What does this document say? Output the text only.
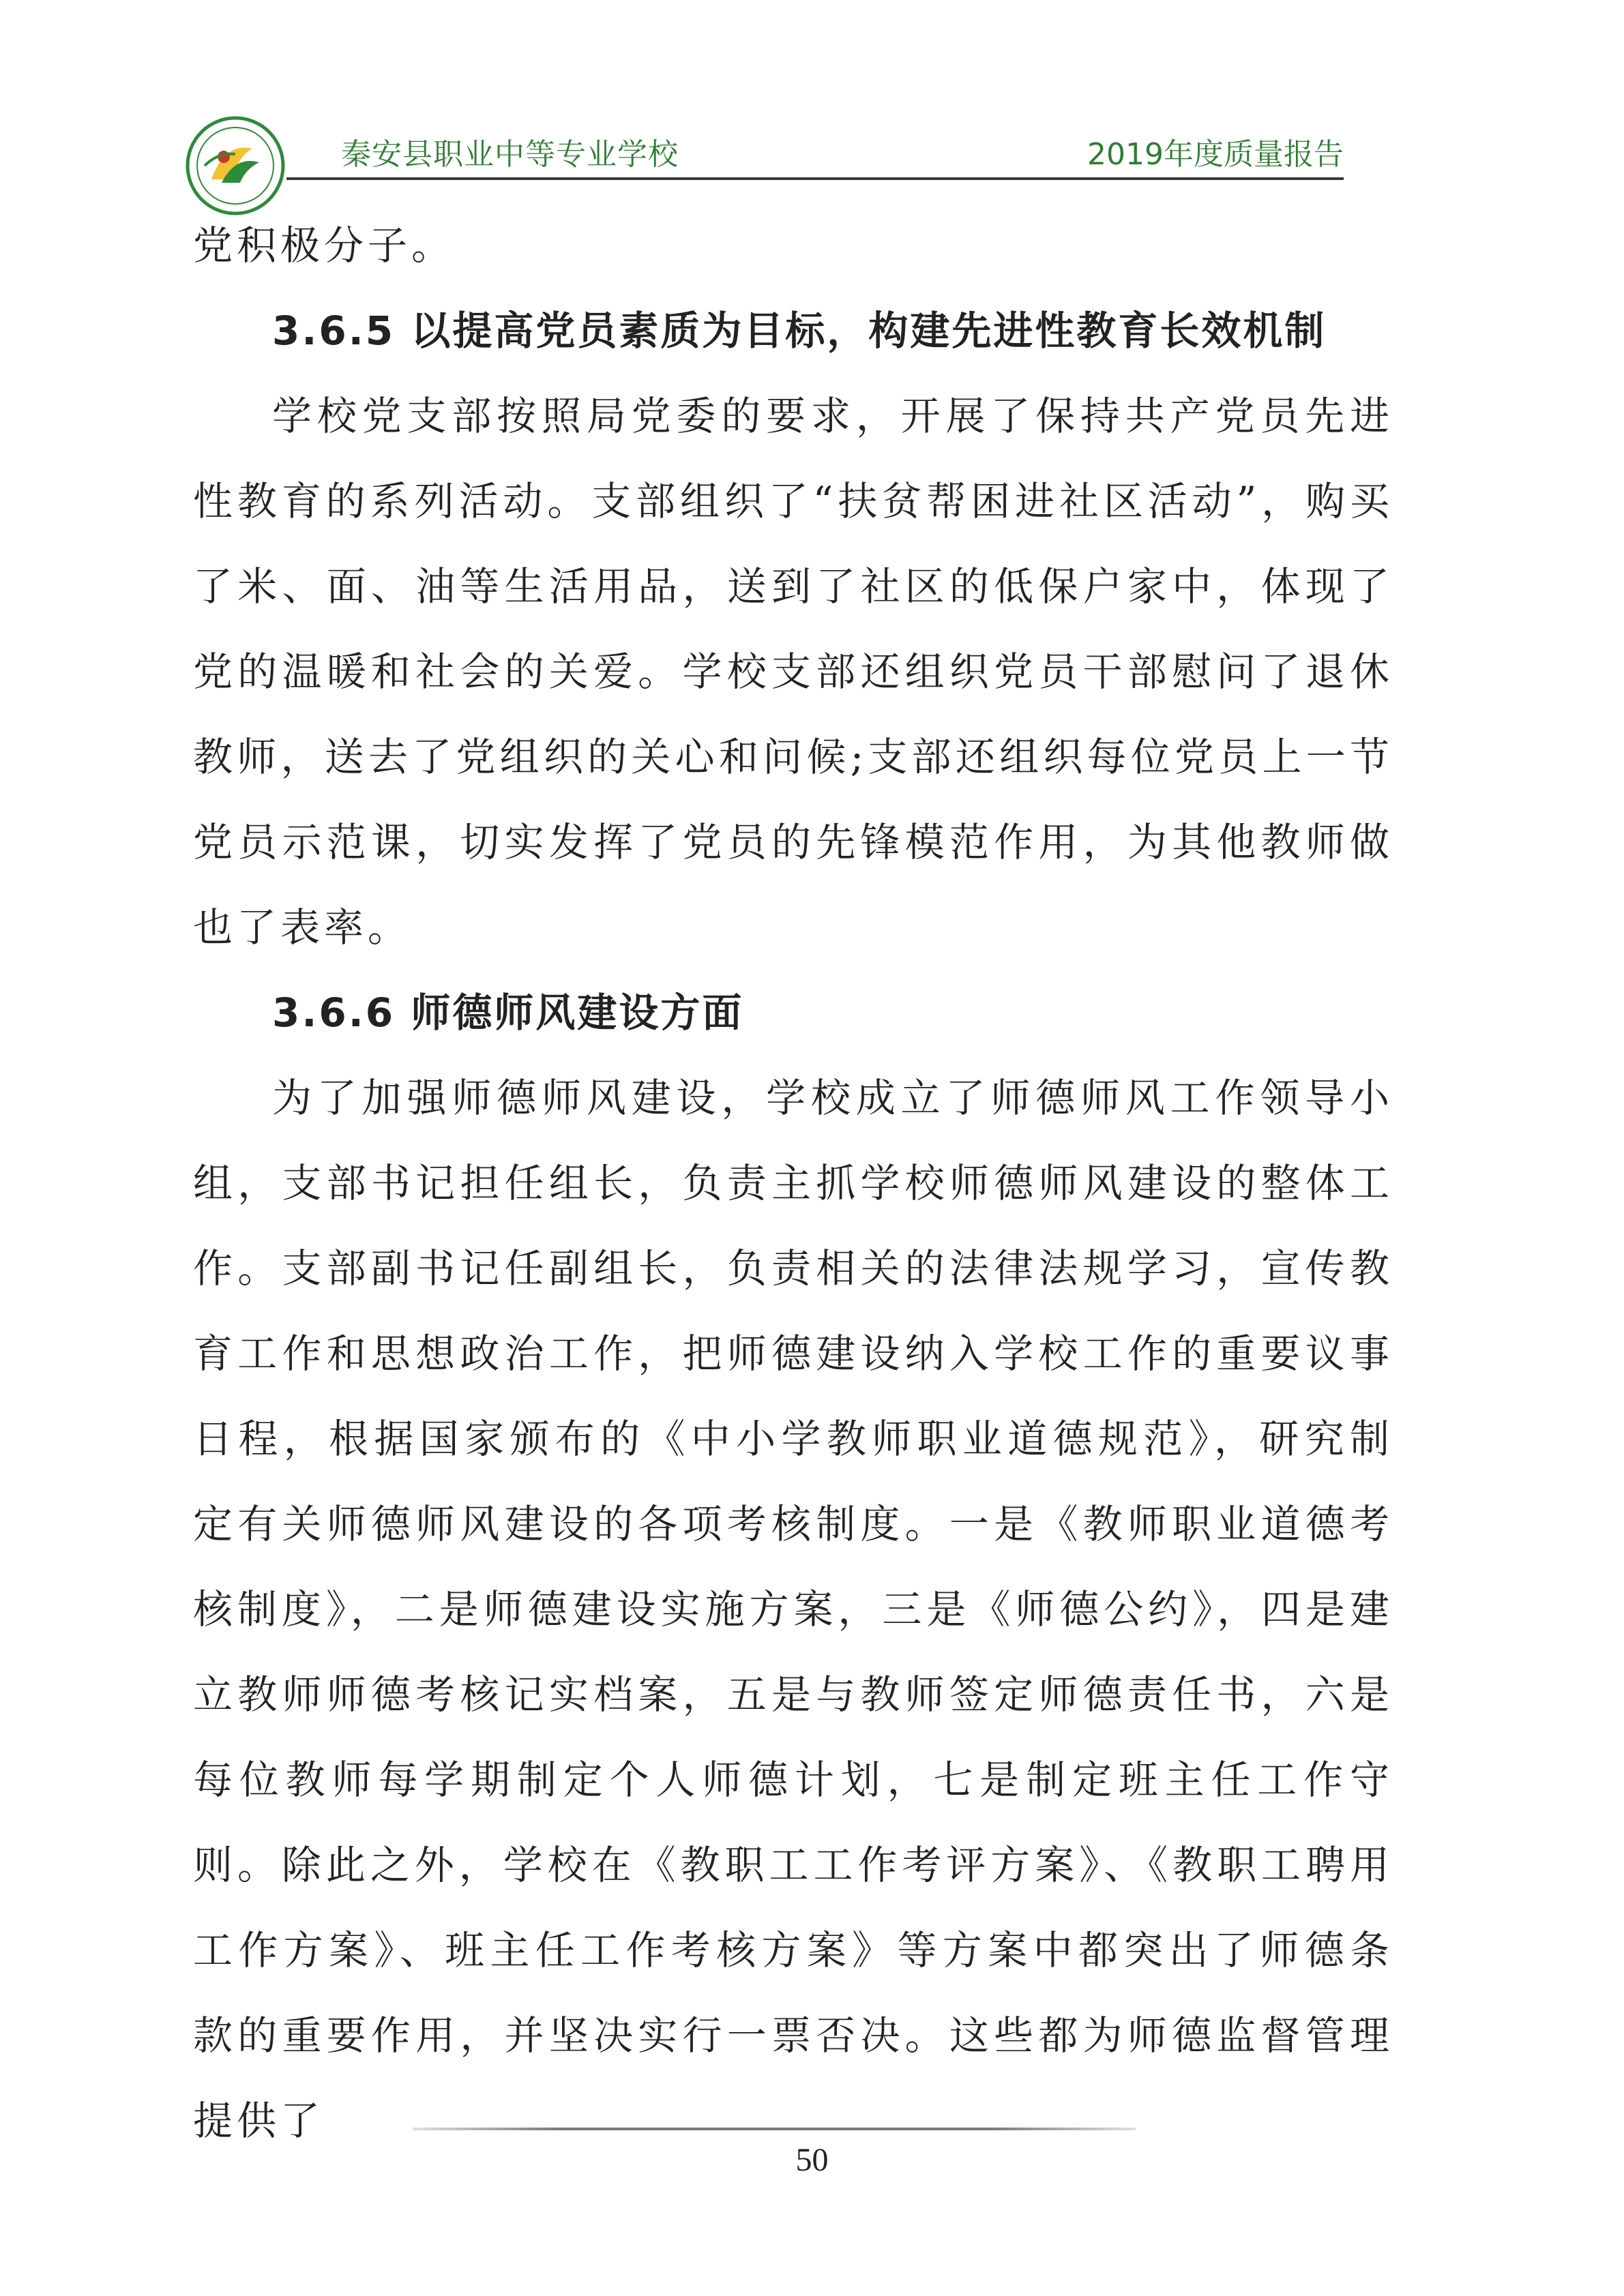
秦安县职业中等专业学校	2019年度质量报告

党积极分子。

3.6.5 以提高党员素质为目标，构建先进性教育长效机制

学校党支部按照局党委的要求，开展了保持共产党员先进性教育的系列活动。支部组织了“扶贫帮困进社区活动”，购买了米、面、油等生活用品，送到了社区的低保户家中，体现了党的温暖和社会的关爱。学校支部还组织党员干部慰问了退休教师，送去了党组织的关心和问候;支部还组织每位党员上一节党员示范课，切实发挥了党员的先锋模范作用，为其他教师做也了表率。

3.6.6 师德师风建设方面

为了加强师德师风建设，学校成立了师德师风工作领导小组，支部书记担任组长，负责主抓学校师德师风建设的整体工作。支部副书记任副组长，负责相关的法律法规学习，宣传教育工作和思想政治工作，把师德建设纳入学校工作的重要议事日程，根据国家颁布的《中小学教师职业道德规范》，研究制定有关师德师风建设的各项考核制度。一是《教师职业道德考核制度》，二是师德建设实施方案，三是《师德公约》，四是建立教师师德考核记实档案，五是与教师签定师德责任书，六是每位教师每学期制定个人师德计划，七是制定班主任工作守则。除此之外，学校在《教职工工作考评方案》、《教职工聘用工作方案》、班主任工作考核方案》等方案中都突出了师德条款的重要作用，并坚决实行一票否决。这些都为师德监督管理提供了

50
